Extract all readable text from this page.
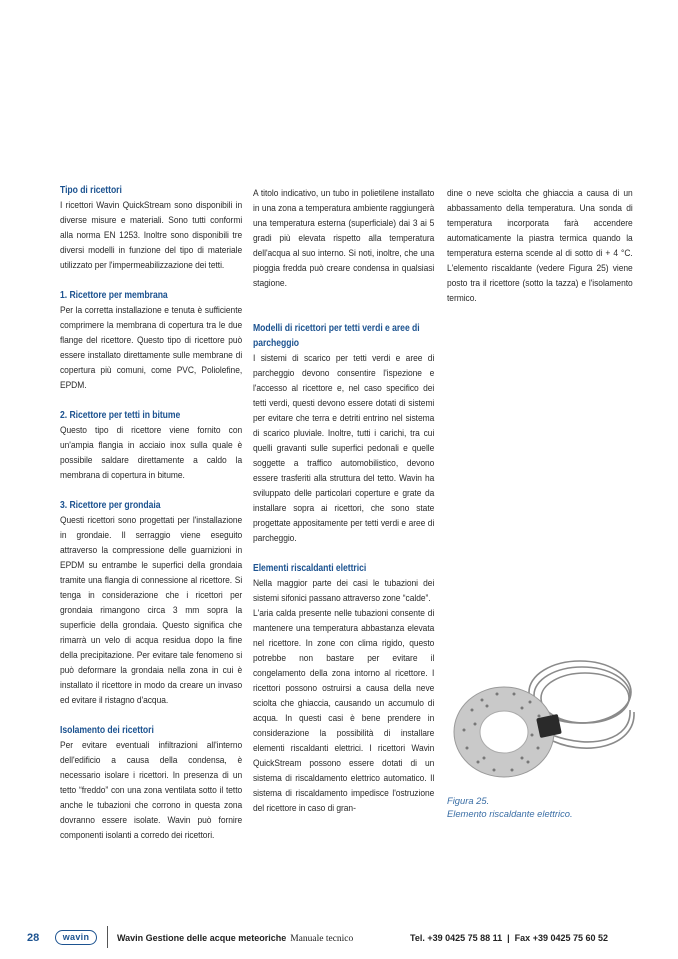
Tipo di ricettori

I ricettori Wavin QuickStream sono disponibili in diverse misure e materiali. Sono tutti conformi alla norma EN 1253. Inoltre sono disponibili tre diversi modelli in funzione del tipo di materiale utilizzato per l'impermeabilizzazione dei tetti.

1. Ricettore per membrana

Per la corretta installazione e tenuta è sufficiente comprimere la membrana di copertura tra le due flange del ricettore. Questo tipo di ricettore può essere installato direttamente sulle membrane di copertura più comuni, come PVC, Poliolefine, EPDM.

2. Ricettore per tetti in bitume

Questo tipo di ricettore viene fornito con un'ampia flangia in acciaio inox sulla quale è possibile saldare direttamente a caldo la membrana di copertura in bitume.

3. Ricettore per grondaia

Questi ricettori sono progettati per l'installazione in grondaie. Il serraggio viene eseguito attraverso la compressione delle guarnizioni in EPDM su entrambe le superfici della grondaia tramite una flangia di connessione al ricettore. Si tenga in considerazione che i ricettori per grondaia rimangono circa 3 mm sopra la superficie della grondaia. Questo significa che rimarrà un velo di acqua residua dopo la fine della precipitazione. Per evitare tale fenomeno si può deformare la grondaia nella zona in cui è installato il ricettore in modo da creare un invaso ed evitare il ristagno d'acqua.

Isolamento dei ricettori

Per evitare eventuali infiltrazioni all'interno dell'edificio a causa della condensa, è necessario isolare i ricettori. In presenza di un tetto “freddo” con una zona ventilata sotto il tetto anche le tubazioni che corrono in questa zona dovranno essere isolate. Wavin può fornire componenti isolanti a corredo dei ricettori.

A titolo indicativo, un tubo in polietilene installato in una zona a temperatura ambiente raggiungerà una temperatura esterna (superficiale) dai 3 ai 5 gradi più elevata rispetto alla temperatura dell'acqua al suo interno. Si noti, inoltre, che una pioggia fredda può creare condensa in qualsiasi stagione.

Modelli di ricettori per tetti verdi e aree di parcheggio

I sistemi di scarico per tetti verdi e aree di parcheggio devono consentire l'ispezione e l'accesso al ricettore e, nel caso specifico dei tetti verdi, questi devono essere dotati di sistemi per evitare che terra e detriti entrino nel sistema di scarico pluviale. Inoltre, tutti i carichi, tra cui quelli gravanti sulle superfici pedonali e quelle soggette a traffico automobilistico, devono essere trasferiti alla struttura del tetto. Wavin ha sviluppato delle particolari coperture e grate da installare sopra ai ricettori, che sono state progettate appositamente per tetti verdi e aree di parcheggio.

Elementi riscaldanti elettrici

Nella maggior parte dei casi le tubazioni dei sistemi sifonici passano attraverso zone “calde”.

L'aria calda presente nelle tubazioni consente di mantenere una temperatura abbastanza elevata nel ricettore. In zone con clima rigido, questo potrebbe non bastare per evitare il congelamento della zona intorno al ricettore. I ricettori possono ostruirsi a causa della neve sciolta che ghiaccia, causando un accumulo di acqua. In questi casi è bene prendere in considerazione la possibilità di installare elementi riscaldanti elettrici. I ricettori Wavin QuickStream possono essere dotati di un sistema di riscaldamento elettrico automatico. Il sistema di riscaldamento impedisce l'ostruzione del ricettore in caso di gran-

dine o neve sciolta che ghiaccia a causa di un abbassamento della temperatura. Una sonda di temperatura incorporata farà accendere automaticamente la piastra termica quando la temperatura esterna scende al di sotto di + 4 °C. L'elemento riscaldante (vedere Figura 25) viene posto tra il ricettore (sotto la tazza) e l'isolamento termico.

Figura 25.
Elemento riscaldante elettrico.
28	wavin	Wavin Gestione delle acque meteoriche Manuale tecnico	Tel. +39 0425 75 88 11  |  Fax +39 0425 75 60 52
